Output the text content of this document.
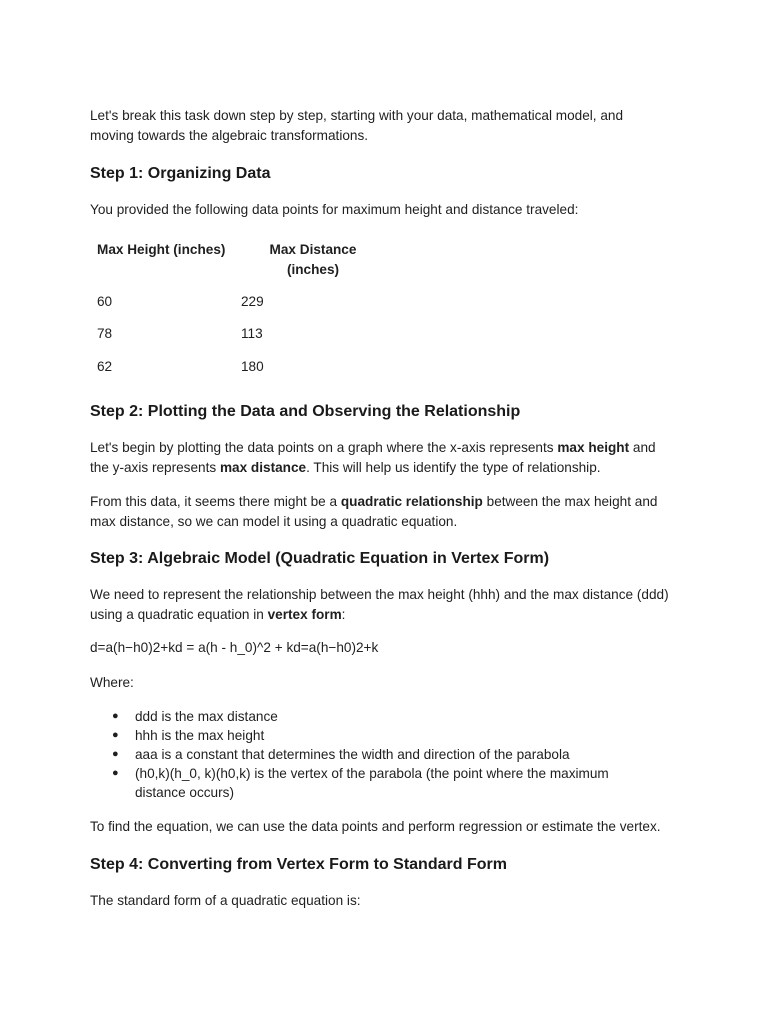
Let's break this task down step by step, starting with your data, mathematical model, and
moving towards the algebraic transformations.

Step 1: Organizing Data

You provided the following data points for maximum height and distance traveled:

Max Height (inches)	Max Distance
(inches)
60	229
78	113
62	180
Step 2: Plotting the Data and Observing the Relationship

Let's begin by plotting the data points on a graph where the x-axis represents max height and
the y-axis represents max distance. This will help us identify the type of relationship.

From this data, it seems there might be a quadratic relationship between the max height and
max distance, so we can model it using a quadratic equation.

Step 3: Algebraic Model (Quadratic Equation in Vertex Form)

We need to represent the relationship between the max height (hhh) and the max distance (ddd)
using a quadratic equation in vertex form:

d=a(h−h0)2+kd = a(h - h_0)^2 + kd=a(h−h0)2+k

Where:

● ddd is the max distance
● hhh is the max height
● aaa is a constant that determines the width and direction of the parabola
● (h0,k)(h_0, k)(h0,k) is the vertex of the parabola (the point where the maximum distance occurs)

To find the equation, we can use the data points and perform regression or estimate the vertex.

Step 4: Converting from Vertex Form to Standard Form

The standard form of a quadratic equation is:
